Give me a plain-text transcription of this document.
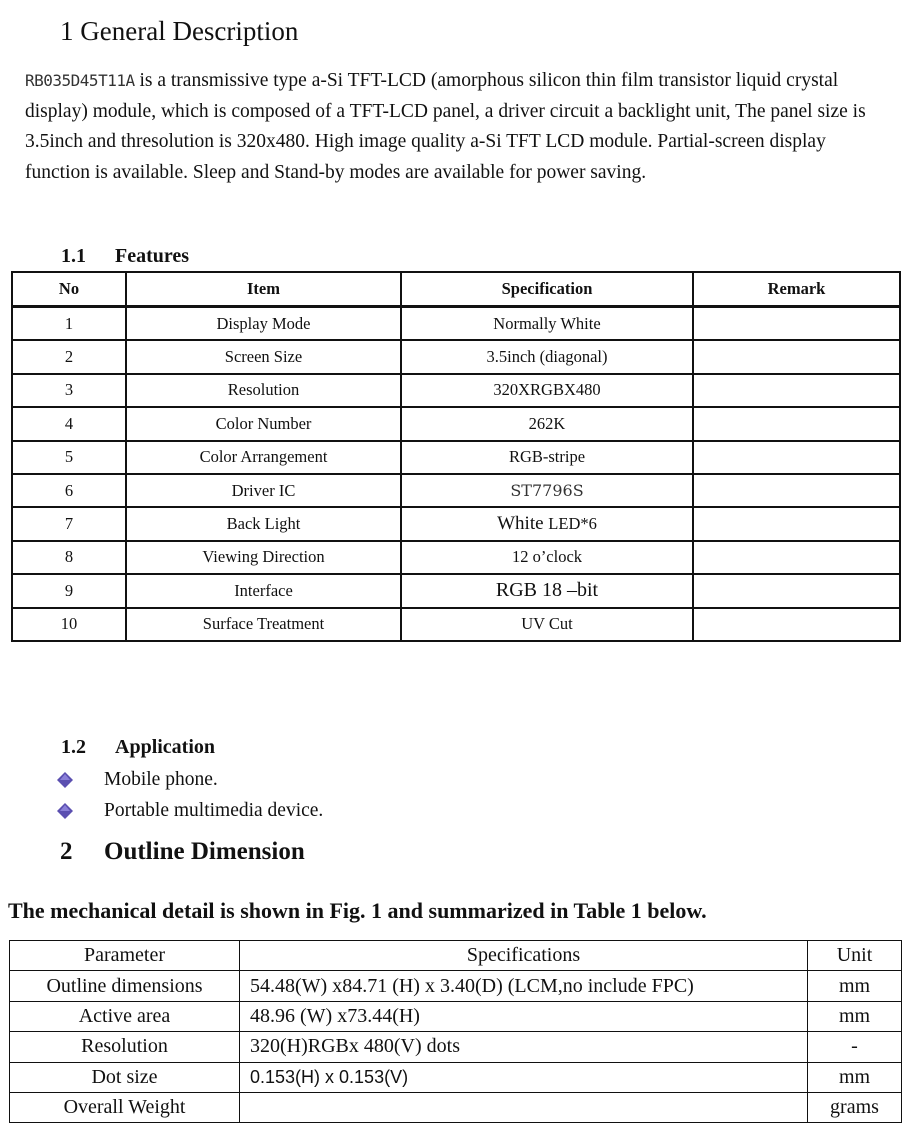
1 General Description
RB035D45T11A is a transmissive type a-Si TFT-LCD (amorphous silicon thin film transistor liquid crystal display) module, which is composed of a TFT-LCD panel, a driver circuit a backlight unit, The panel size is 3.5inch and thresolution is 320x480. High image quality a-Si TFT LCD module. Partial-screen display function is available. Sleep and Stand-by modes are available for power saving.
1.1 Features
No	Item	Specification	Remark
1	Display Mode	Normally White	
2	Screen Size	3.5inch (diagonal)	
3	Resolution	320XRGBX480	
4	Color Number	262K	
5	Color Arrangement	RGB-stripe	
6	Driver IC	ST7796S	
7	Back Light	White LED*6	
8	Viewing Direction	12 o’clock	
9	Interface	RGB 18 –bit	
10	Surface Treatment	UV Cut	
1.2 Application
Mobile phone.
Portable multimedia device.
2 Outline Dimension
The mechanical detail is shown in Fig. 1 and summarized in Table 1 below.
Parameter	Specifications	Unit
Outline dimensions	54.48(W) x84.71 (H) x 3.40(D) (LCM,no include FPC)	mm
Active area	48.96 (W) x73.44(H)	mm
Resolution	320(H)RGBx 480(V) dots	-
Dot size	0.153(H) x 0.153(V)	mm
Overall Weight		grams
